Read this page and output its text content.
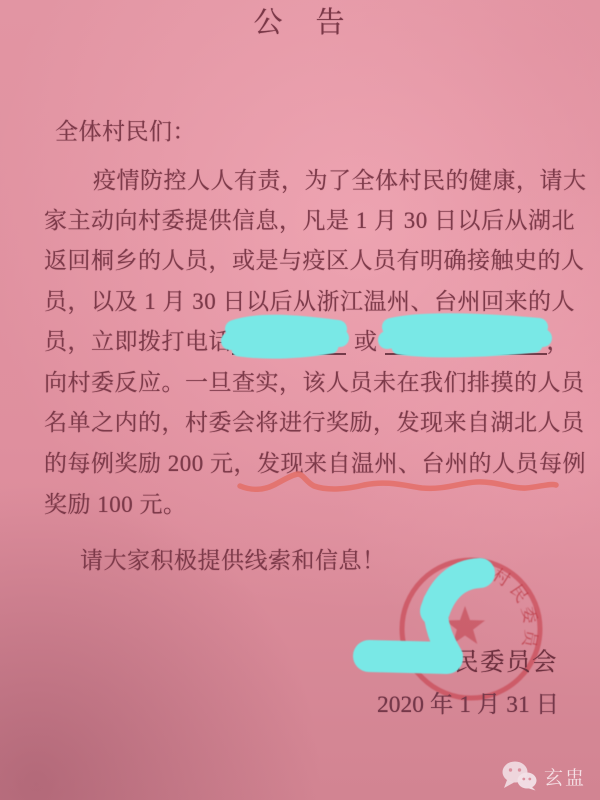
公　告
全体村民们：
疫情防控人人有责，为了全体村民的健康，请大
家主动向村委提供信息，凡是 1 月 30 日以后从湖北
返回桐乡的人员，或是与疫区人员有明确接触史的人
员，以及 1 月 30 日以后从浙江温州、台州回来的人
员，立即拨打电话	或	，
向村委反应。一旦查实，该人员未在我们排摸的人员
名单之内的，村委会将进行奖励，发现来自湖北人员
的每例奖励 200 元，发现来自温州、台州的人员每例
奖励 100 元。
请大家积极提供线索和信息！	村村民委员
民委员会
2020 年 1 月 31 日
玄盅
